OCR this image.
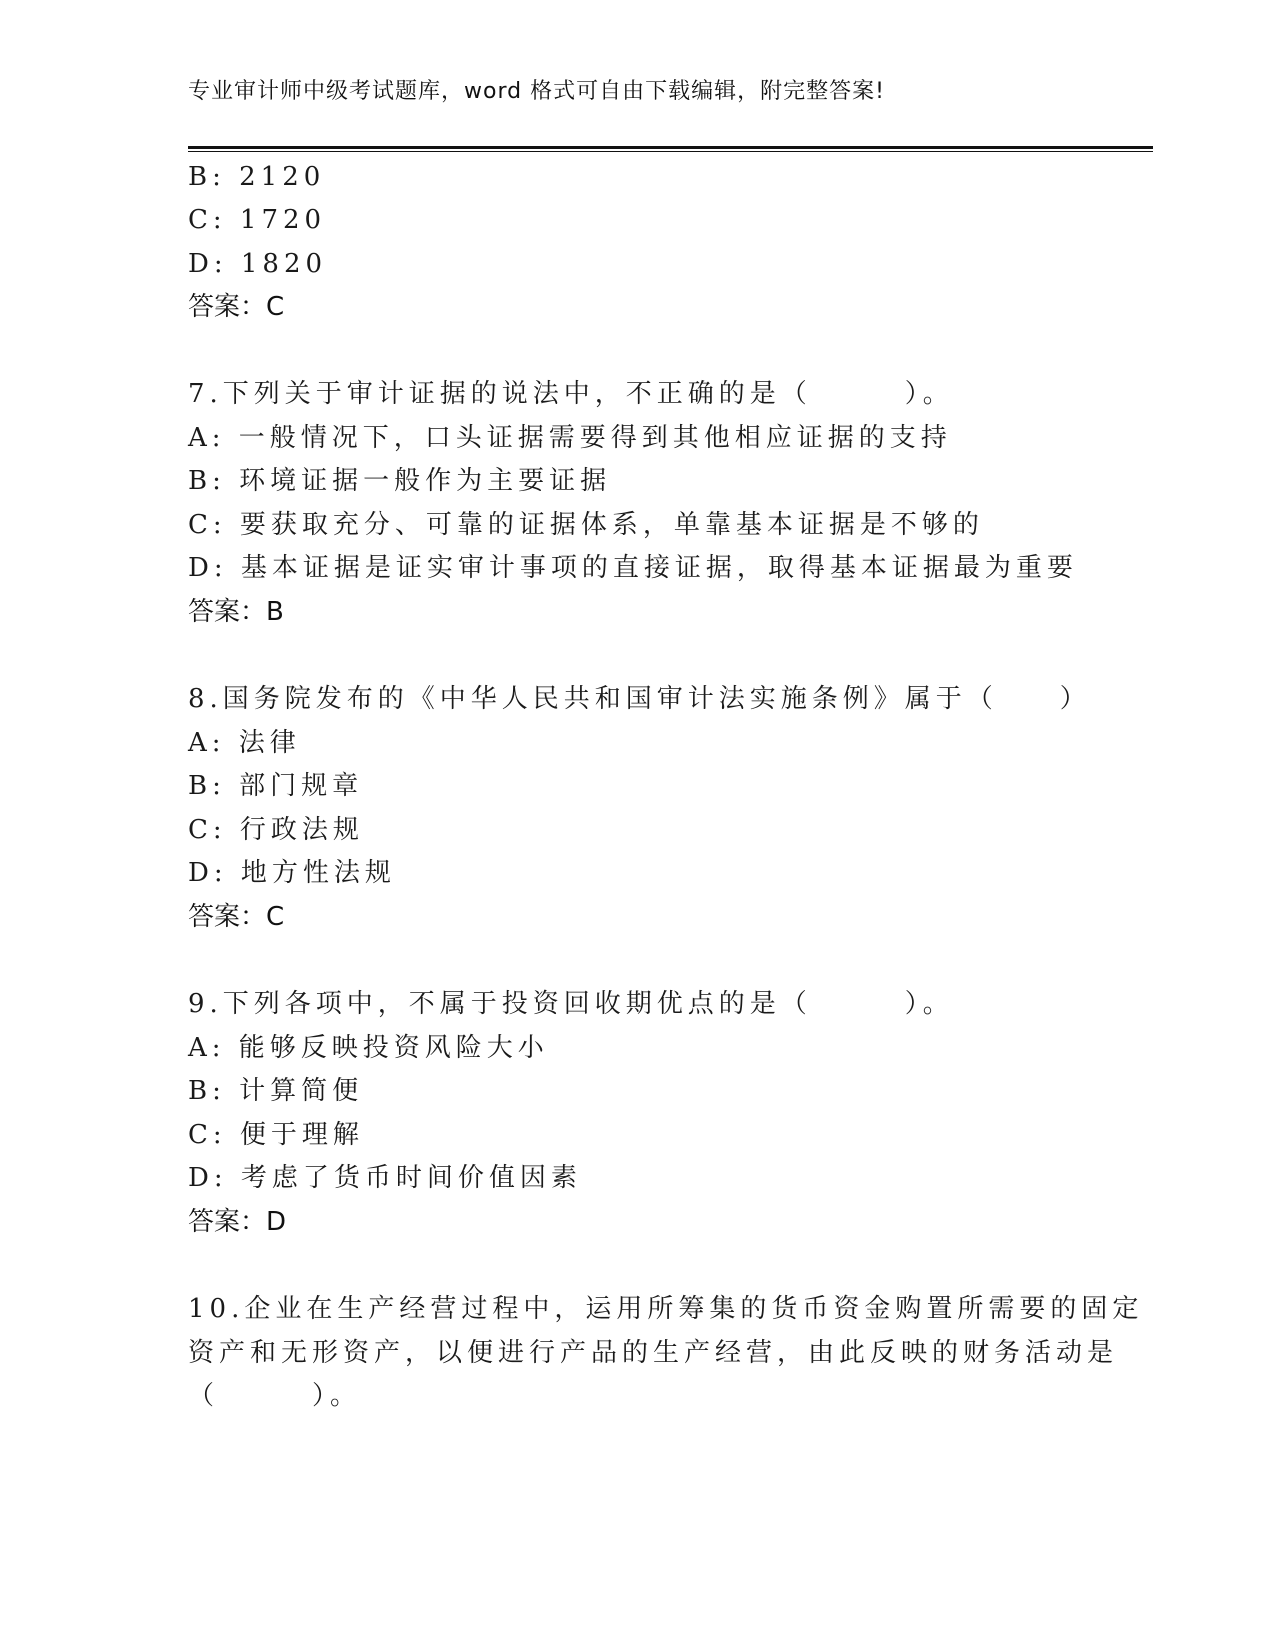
专业审计师中级考试题库，word 格式可自由下载编辑，附完整答案!
B: 2120
C: 1720
D: 1820
答案：C
7.下列关于审计证据的说法中，不正确的是（　　　）。
A: 一般情况下，口头证据需要得到其他相应证据的支持
B: 环境证据一般作为主要证据
C: 要获取充分、可靠的证据体系，单靠基本证据是不够的
D: 基本证据是证实审计事项的直接证据，取得基本证据最为重要
答案：B
8.国务院发布的《中华人民共和国审计法实施条例》属于（　　）
A: 法律
B: 部门规章
C: 行政法规
D: 地方性法规
答案：C
9.下列各项中，不属于投资回收期优点的是（　　　）。
A: 能够反映投资风险大小
B: 计算简便
C: 便于理解
D: 考虑了货币时间价值因素
答案：D
10.企业在生产经营过程中，运用所筹集的货币资金购置所需要的固定
资产和无形资产，以便进行产品的生产经营，由此反映的财务活动是
（　　　）。
